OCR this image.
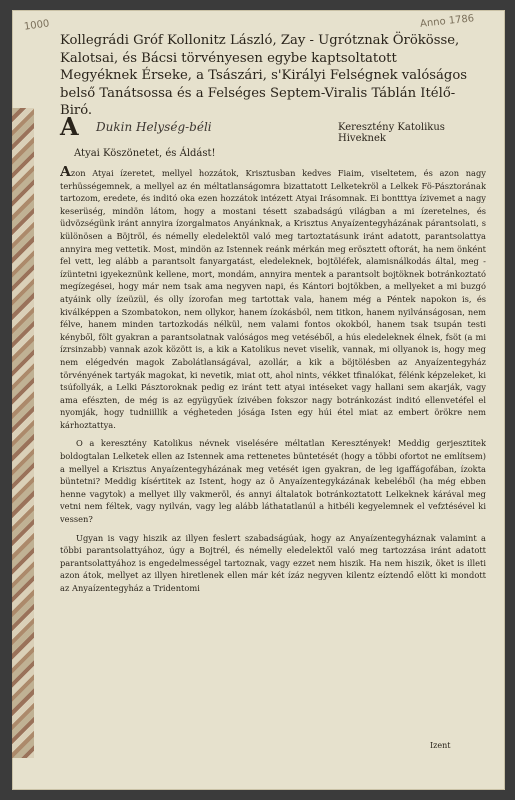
1000	Anno 1786
Kollegrádi Gróf Kollonitz László, Zay - Ugrótznak Örökösse, Kalotsai, és Bácsi törvényesen egybe kaptsoltatott Megyéknek Érseke, a Tsászári, s'Királyi Felségnek valóságos belső Tanátsossa és a Felséges Septem-Viralis Táblán Itélő-Biró.
A Dukin Helység-béli	Keresztény Katolikus Hiveknek
Atyai Köszönetet, és Áldást!

Azon Atyai ízeretet, mellyel hozzátok, Krisztusban kedves Fiaim, viseltetem, és azon nagy terhüsségemnek, a mellyel az én méltatlanságomra bizattatott Lelketekröl a Lelkek Fö-Pásztorának tartozom, eredete, és inditó oka ezen hozzátok intézett Atyai Irásomnak. Ei bontttya ízivemet a nagy keserüség, mindön látom, hogy a mostani tésett szabadságú világban a mi ízeretelnes, és üdvözségünk iránt annyira ízorgalmatos Anyánknak, a Krisztus Anyaízentegyházának párantsolati, s különösen a Böjtröl, és némelly eledelektöl való meg tartoztatásunk iránt adatott, parantsolattya annyira meg vettetik. Most, mindön az Istennek reánk mérkán meg erösztett oftorát, ha nem önként fel vett, leg alább a parantsolt fanyargatást, eledeleknek, bojtöléfek, alamisnálkodás által, meg - ízüntetni igyekeznünk kellene, mort, mondám, annyira mentek a parantsolt bojtöknek botránkoztató megízegései, hogy már nem tsak ama negyven napi, és Kántori bojtökben, a mellyeket a mi buzgó atyáink olly ízeüzül, és olly ízorofan meg tartottak vala, hanem még a Péntek napokon is, és kiválképpen a Szombatokon, nem ollykor, hanem ízokásból, nem titkon, hanem nyilvánságosan, nem félve, hanem minden tartozkodás nélkül, nem valami fontos okokból, hanem tsak tsupán testi kényből, fölt gyakran a parantsolatnak valóságos meg vetéséből, a hús eledeleknek élnek, fsöt (a mi ízrsinzabb) vannak azok között is, a kik a Katolikus nevet viselik, vannak, mi ollyanok is, hogy meg nem elégedvén magok Zabolátlanságával, azollár, a kik a böjtölésben az Anyaízentegyház törvényének tartyák magokat, ki nevetik, miat ott, ahol nints, vékket tfinalókat, félénk képzeleket, ki tsúfollyák, a Lelki Pásztoroknak pedig ez iránt tett atyai intéseket vagy hallani sem akarják, vagy ama efészten, de még is az együgyűek ízivében fokszor nagy botránkozást inditó ellenvetéfel el nyomják, hogy tudniillik a végheteden jósága Isten egy húi étel miat az embert örökre nem kárhoztattya.

O a keresztény Katolikus névnek viselésére méltatlan Keresztények! Meddig gerjesztitek boldogtalan Lelketek ellen az Istennek ama rettenetes büntetését (hogy a többi ofortot ne említsem) a mellyel a Krisztus Anyaízentegyházának meg vetését igen gyakran, de leg igaffágofában, ízokta büntetni? Meddig kísértitek az Istent, hogy az ö Anyaízentegykázának kebeléből (ha még ebben henne vagytok) a mellyet illy vakmeröl, és annyi általatok botránkoztatott Lelkeknek kárával meg vetni nem féltek, vagy nyilván, vagy leg alább láthatatlanúl a hitbéli kegyelemnek el vefztésével ki vessen?

Ugyan is vagy hiszik az illyen fesleтt szabadságúak, hogy az Anyaízentegyháznak valamint a többi parantsolattyához, úgy a Bojtrél, és némelly eledelektől való meg tartozzása iránt adatott parantsolattyához is engedelmességel tartoznak, vagy ezzet nem hiszik. Ha nem hiszik, öket is illeti azon átok, mellyet az illyen hiretlenek ellen már két ízáz negyven kilentz eíztendő elött ki mondott az Anyaízentegyház a Tridentomi

Izent
